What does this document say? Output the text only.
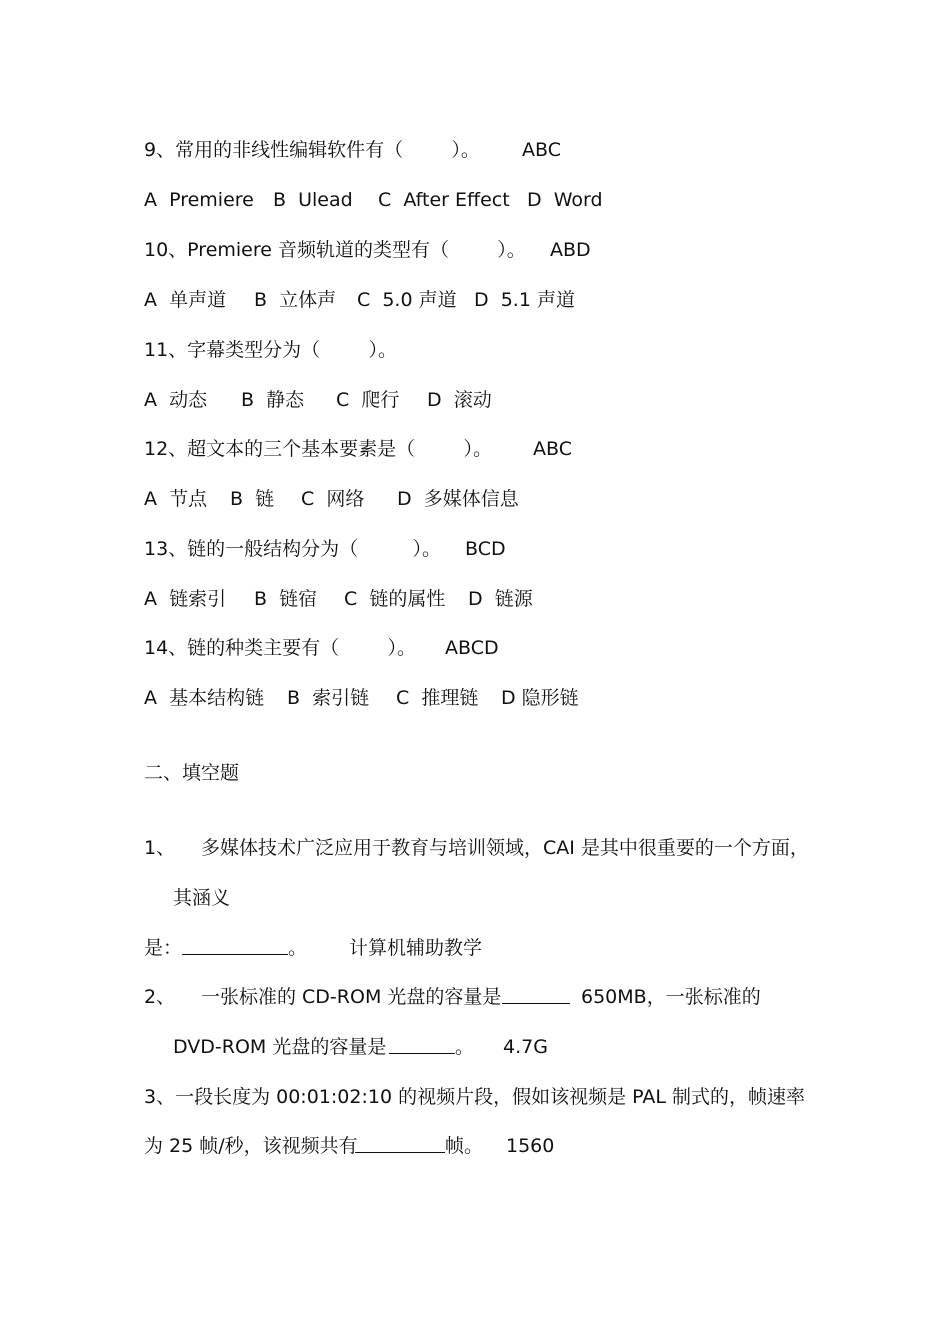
9、常用的非线性编辑软件有（        ）。

ABC

A  Premiere

B  Ulead

C  After Effect

D  Word

10、Premiere 音频轨道的类型有（        ）。

ABD

A  单声道

B  立体声

C  5.0 声道

D  5.1 声道

11、字幕类型分为（        ）。

A  动态

B  静态

C  爬行

D  滚动

12、超文本的三个基本要素是（        ）。

ABC

A  节点

B  链

C  网络

D  多媒体信息

13、链的一般结构分为（         ）。

BCD

A  链索引

B  链宿

C  链的属性

D  链源

14、链的种类主要有（        ）。

ABCD

A  基本结构链

B  索引链

C  推理链

D 隐形链

二、填空题

1、

多媒体技术广泛应用于教育与培训领域，CAI 是其中很重要的一个方面，

其涵义

是：

	。

计算机辅助教学

2、

一张标准的 CD-ROM 光盘的容量是

	650MB，一张标准的

DVD-ROM 光盘的容量是

	。

4.7G

3、一段长度为 00:01:02:10 的视频片段，假如该视频是 PAL 制式的，帧速率

为 25 帧/秒，该视频共有

	帧。

1560
